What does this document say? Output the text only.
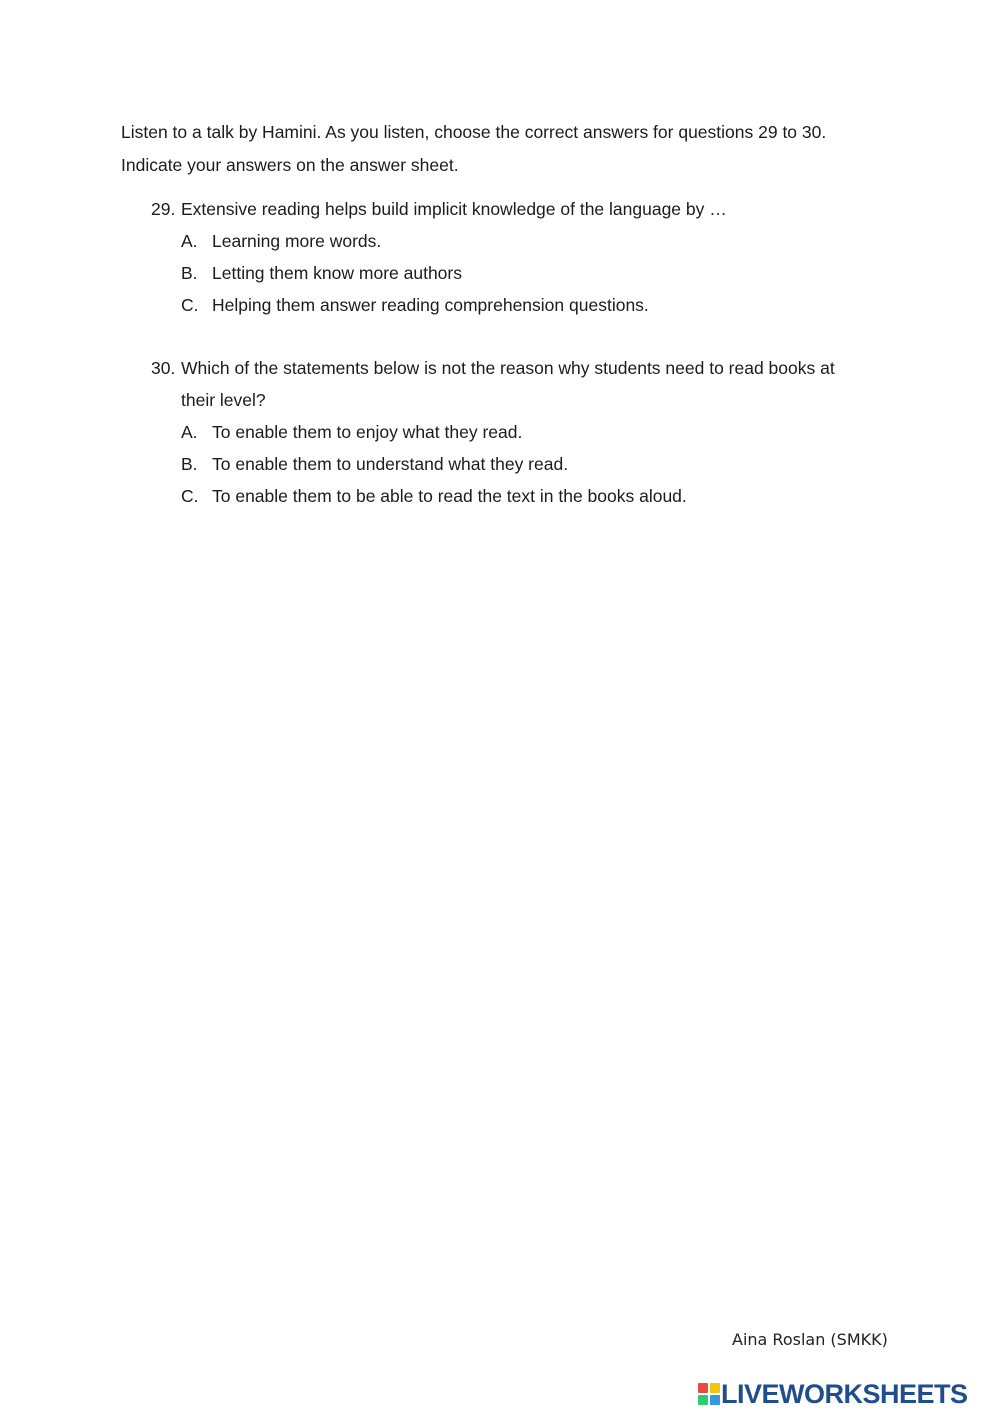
Listen to a talk by Hamini. As you listen, choose the correct answers for questions 29 to 30.
Indicate your answers on the answer sheet.
29. Extensive reading helps build implicit knowledge of the language by …
A. Learning more words.
B. Letting them know more authors
C. Helping them answer reading comprehension questions.
30. Which of the statements below is not the reason why students need to read books at
their level?
A. To enable them to enjoy what they read.
B. To enable them to understand what they read.
C. To enable them to be able to read the text in the books aloud.
Aina Roslan (SMKK)
LIVEWORKSHEETS
